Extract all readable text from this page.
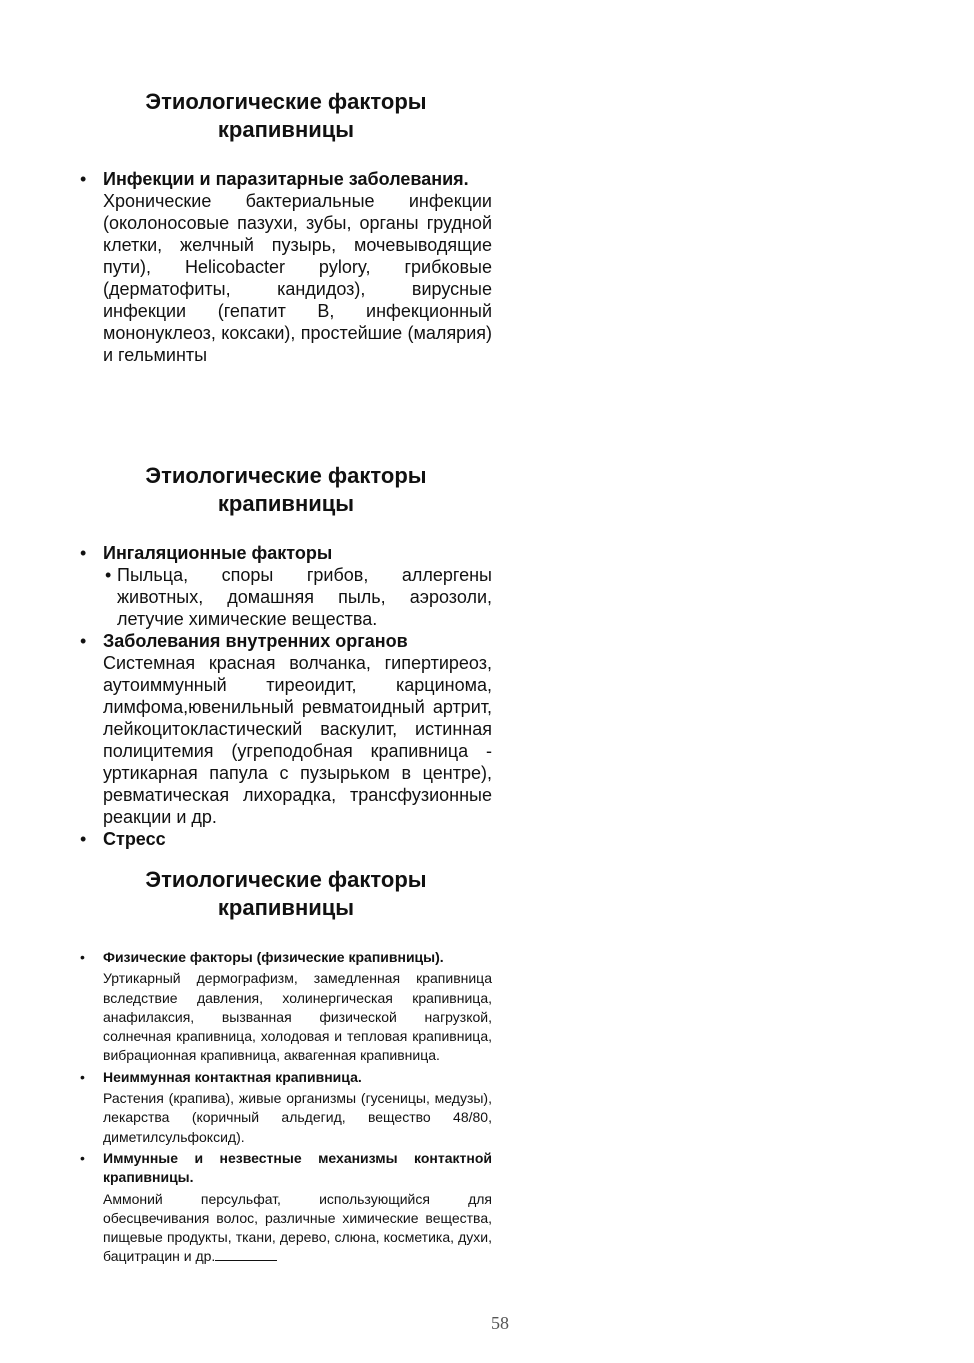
Этиологические факторы
крапивницы
• Инфекции и паразитарные заболевания.
Хронические бактериальные инфекции (околоносовые пазухи, зубы, органы грудной клетки, желчный пузырь, мочевыводящие пути), Helicobacter pylory, грибковые (дерматофиты, кандидоз), вирусные инфекции (гепатит В, инфекционный мононуклеоз, коксаки), простейшие (малярия) и гельминты
Этиологические факторы
крапивницы
• Ингаляционные факторы
• Пыльца, споры грибов, аллергены животных, домашняя пыль, аэрозоли, летучие химические вещества.
• Заболевания внутренних органов
Системная красная волчанка, гипертиреоз, аутоиммунный тиреоидит, карцинома, лимфома,ювенильный ревматоидный артрит, лейкоцитокластический васкулит, истинная полицитемия (угреподобная крапивница - уртикарная папула с пузырьком в центре), ревматическая лихорадка, трансфузионные реакции и др.
• Стресс
Этиологические факторы
крапивницы
• Физические факторы (физические крапивницы).
Уртикарный дермографизм, замедленная крапивница вследствие давления, холинергическая крапивница, анафилаксия, вызванная физической нагрузкой, солнечная крапивница, холодовая и тепловая крапивница, вибрационная крапивница, аквагенная крапивница.
• Неиммунная контактная крапивница.
Растения (крапива), живые организмы (гусеницы, медузы), лекарства (коричный альдегид, вещество 48/80, диметилсульфоксид).
• Иммунные и незвестные механизмы контактной крапивницы.
Аммоний персульфат, использующийся для обесцвечивания волос, различные химические вещества, пищевые продукты, ткани, дерево, слюна, косметика, духи, бацитрацин и др.
58
